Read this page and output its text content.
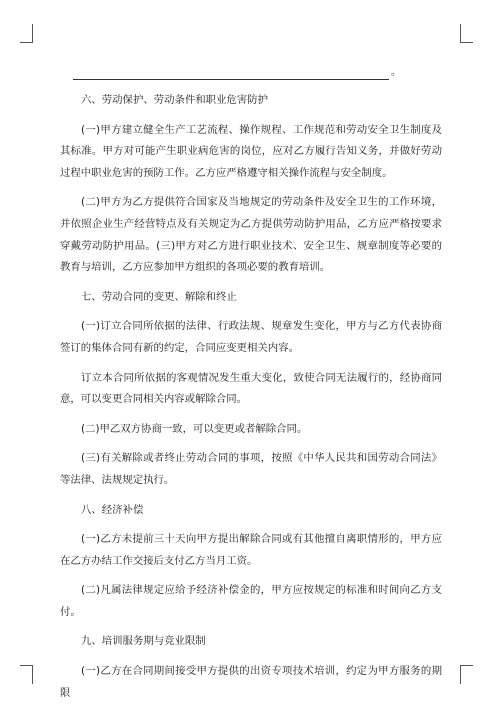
。

六、劳动保护、劳动条件和职业危害防护

(一)甲方建立健全生产工艺流程、操作规程、工作规范和劳动安全卫生制度及其标准。甲方对可能产生职业病危害的岗位，应对乙方履行告知义务，并做好劳动过程中职业危害的预防工作。乙方应严格遵守相关操作流程与安全制度。

(二)甲方为乙方提供符合国家及当地规定的劳动条件及安全卫生的工作环境，并依照企业生产经营特点及有关规定为乙方提供劳动防护用品，乙方应严格按要求穿戴劳动防护用品。(三)甲方对乙方进行职业技术、安全卫生、规章制度等必要的教育与培训，乙方应参加甲方组织的各项必要的教育培训。

七、劳动合同的变更、解除和终止

(一)订立合同所依据的法律、行政法规、规章发生变化，甲方与乙方代表协商签订的集体合同有新的约定，合同应变更相关内容。

订立本合同所依据的客观情况发生重大变化，致使合同无法履行的，经协商同意，可以变更合同相关内容或解除合同。

(二)甲乙双方协商一致，可以变更或者解除合同。

(三)有关解除或者终止劳动合同的事项，按照《中华人民共和国劳动合同法》等法律、法规规定执行。

八、经济补偿

(一)乙方未提前三十天向甲方提出解除合同或有其他擅自离职情形的，甲方应在乙方办结工作交接后支付乙方当月工资。

(二)凡属法律规定应给予经济补偿金的，甲方应按规定的标准和时间向乙方支付。

九、培训服务期与竞业限制

(一)乙方在合同期间接受甲方提供的出资专项技术培训，约定为甲方服务的期限
